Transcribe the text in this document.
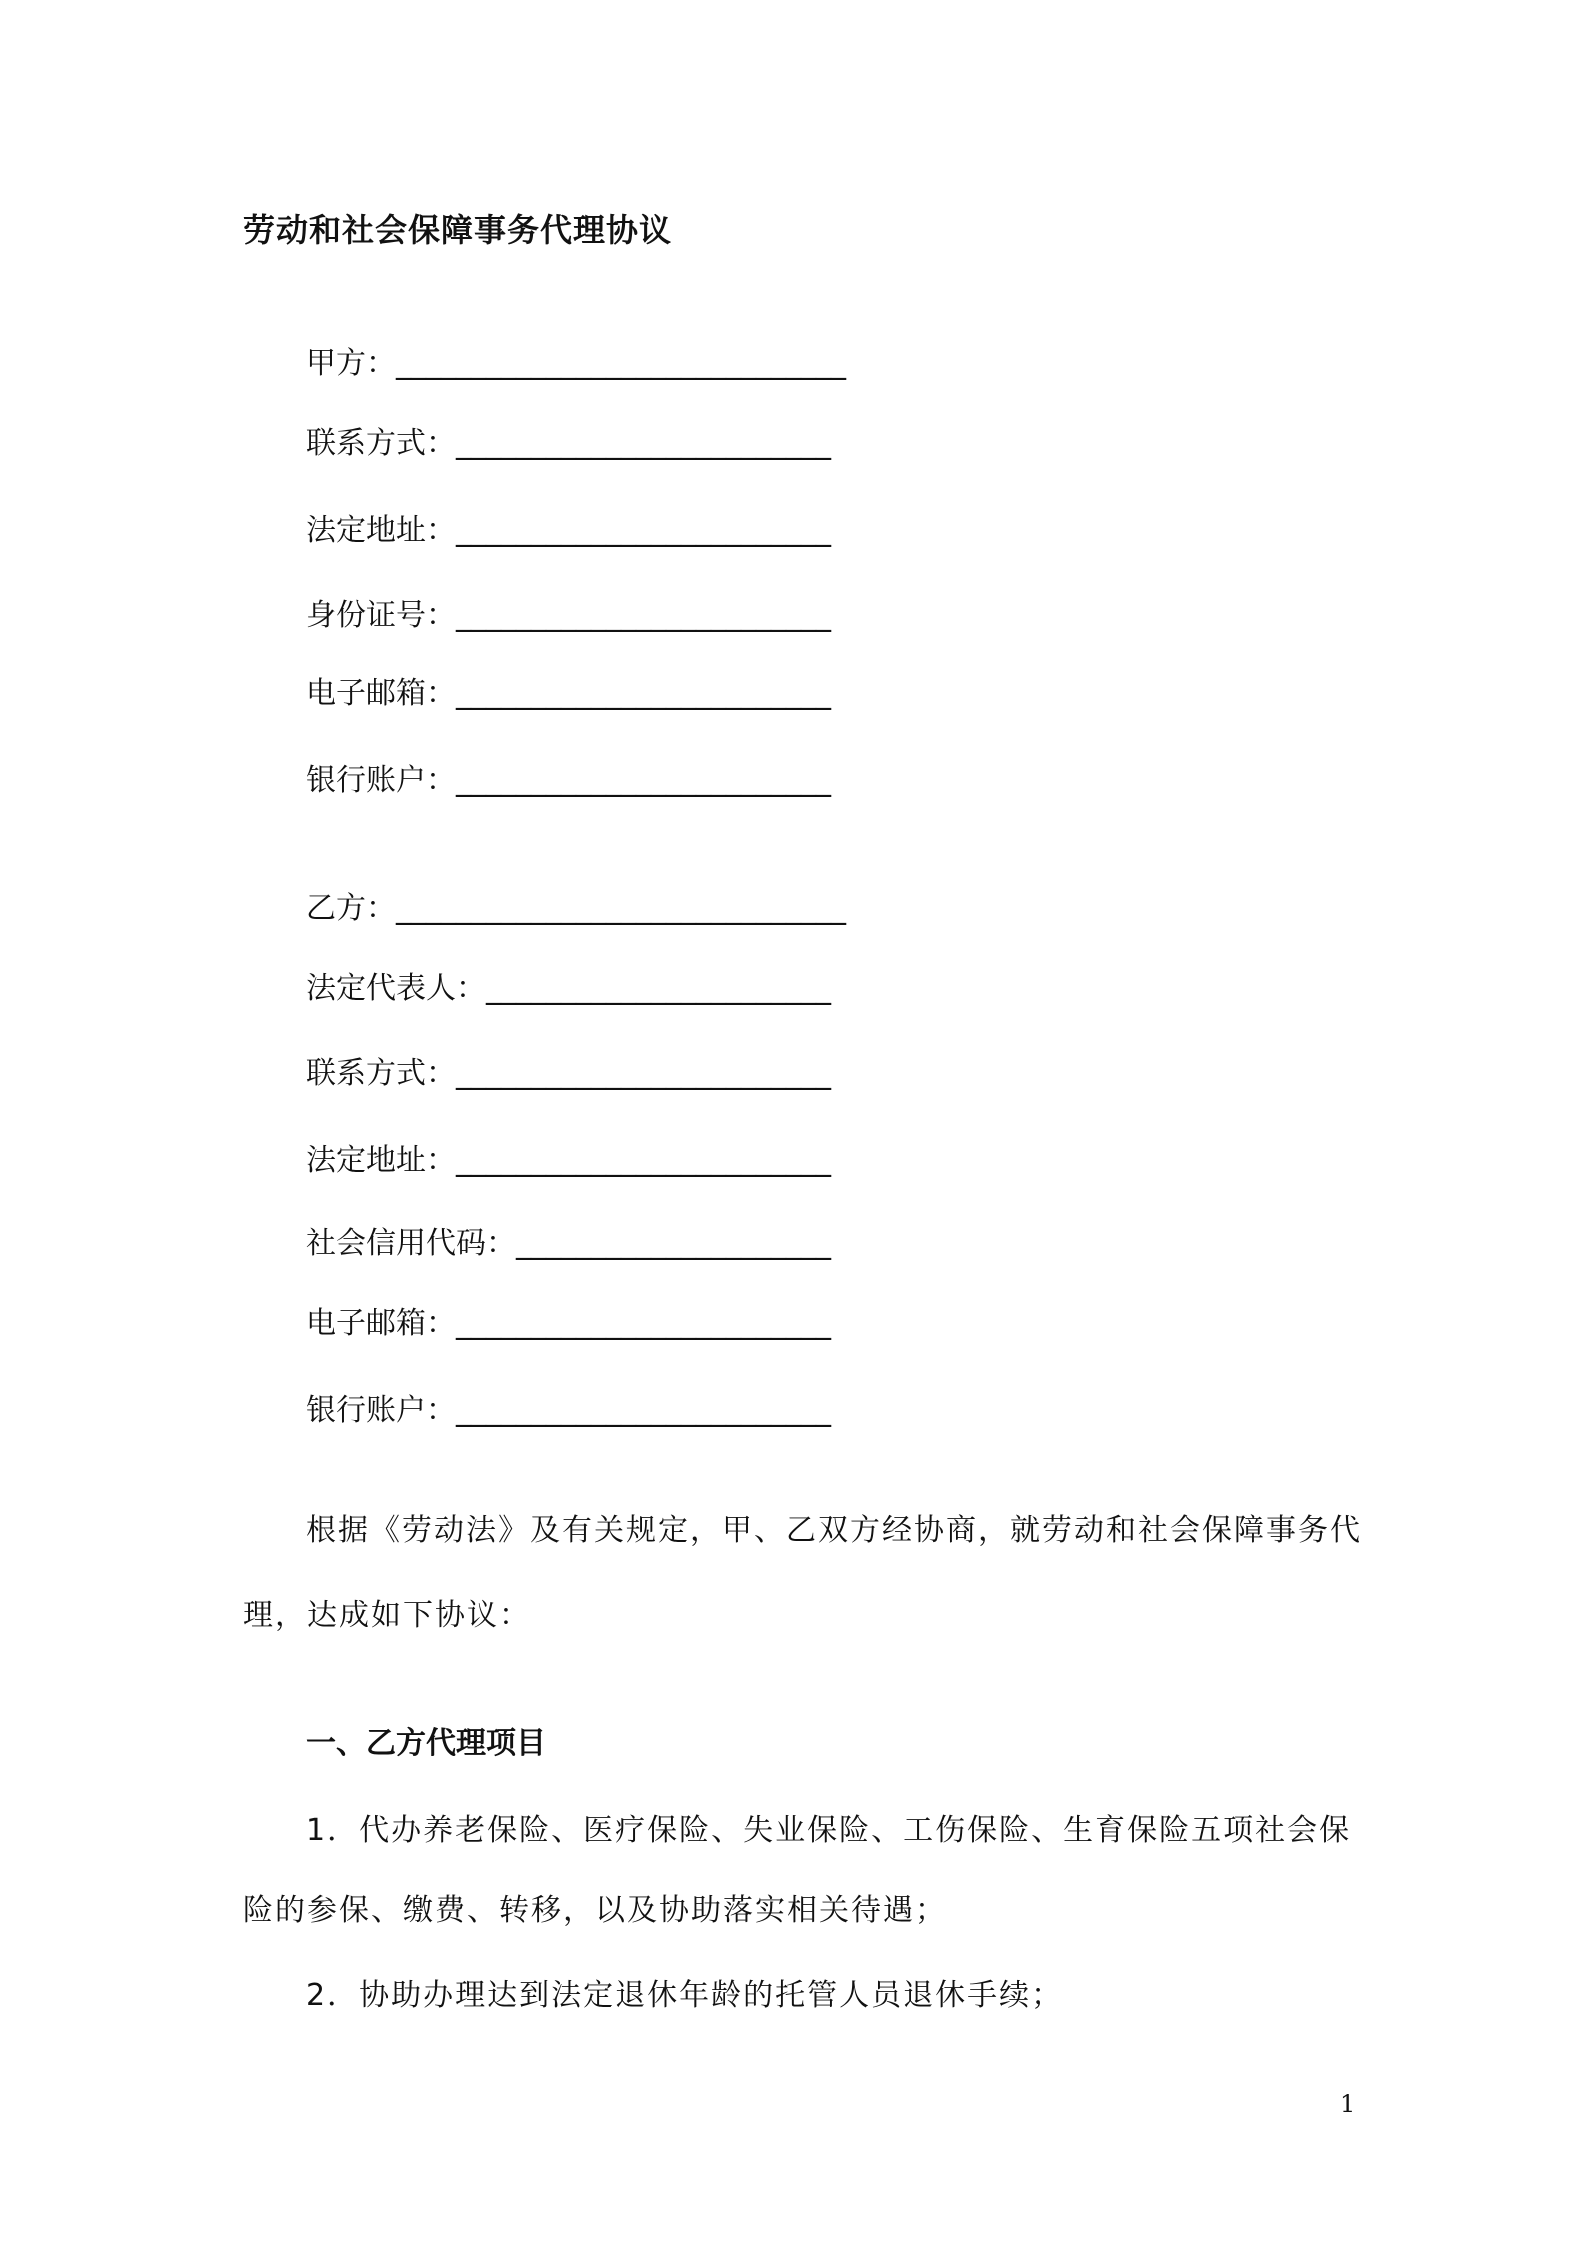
劳动和社会保障事务代理协议
甲方：______________________________
联系方式：_________________________
法定地址：_________________________
身份证号：_________________________
电子邮箱：_________________________
银行账户：_________________________
乙方：______________________________
法定代表人：_______________________
联系方式：_________________________
法定地址：_________________________
社会信用代码：_____________________
电子邮箱：_________________________
银行账户：_________________________
根据《劳动法》及有关规定，甲、乙双方经协商，就劳动和社会保障事务代
理，达成如下协议：
一、乙方代理项目
1．代办养老保险、医疗保险、失业保险、工伤保险、生育保险五项社会保
险的参保、缴费、转移，以及协助落实相关待遇；
2．协助办理达到法定退休年龄的托管人员退休手续；
1
